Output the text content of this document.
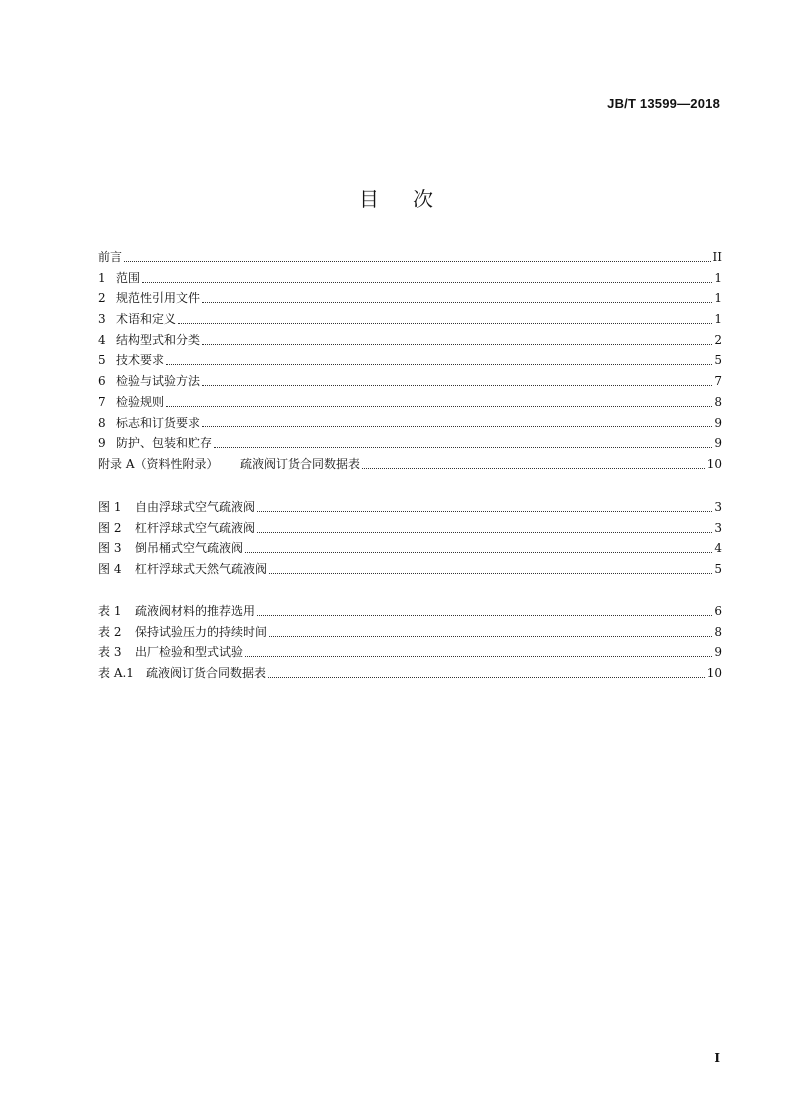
JB/T 13599—2018
目 次
前言	II
1 范围	1
2 规范性引用文件	1
3 术语和定义	1
4 结构型式和分类	2
5 技术要求	5
6 检验与试验方法	7
7 检验规则	8
8 标志和订货要求	9
9 防护、包装和贮存	9
附录 A（资料性附录）	疏液阀订货合同数据表	10
图 1	自由浮球式空气疏液阀	3
图 2	杠杆浮球式空气疏液阀	3
图 3	倒吊桶式空气疏液阀	4
图 4	杠杆浮球式天然气疏液阀	5
表 1	疏液阀材料的推荐选用	6
表 2	保持试验压力的持续时间	8
表 3	出厂检验和型式试验	9
表 A.1	疏液阀订货合同数据表	10
I
